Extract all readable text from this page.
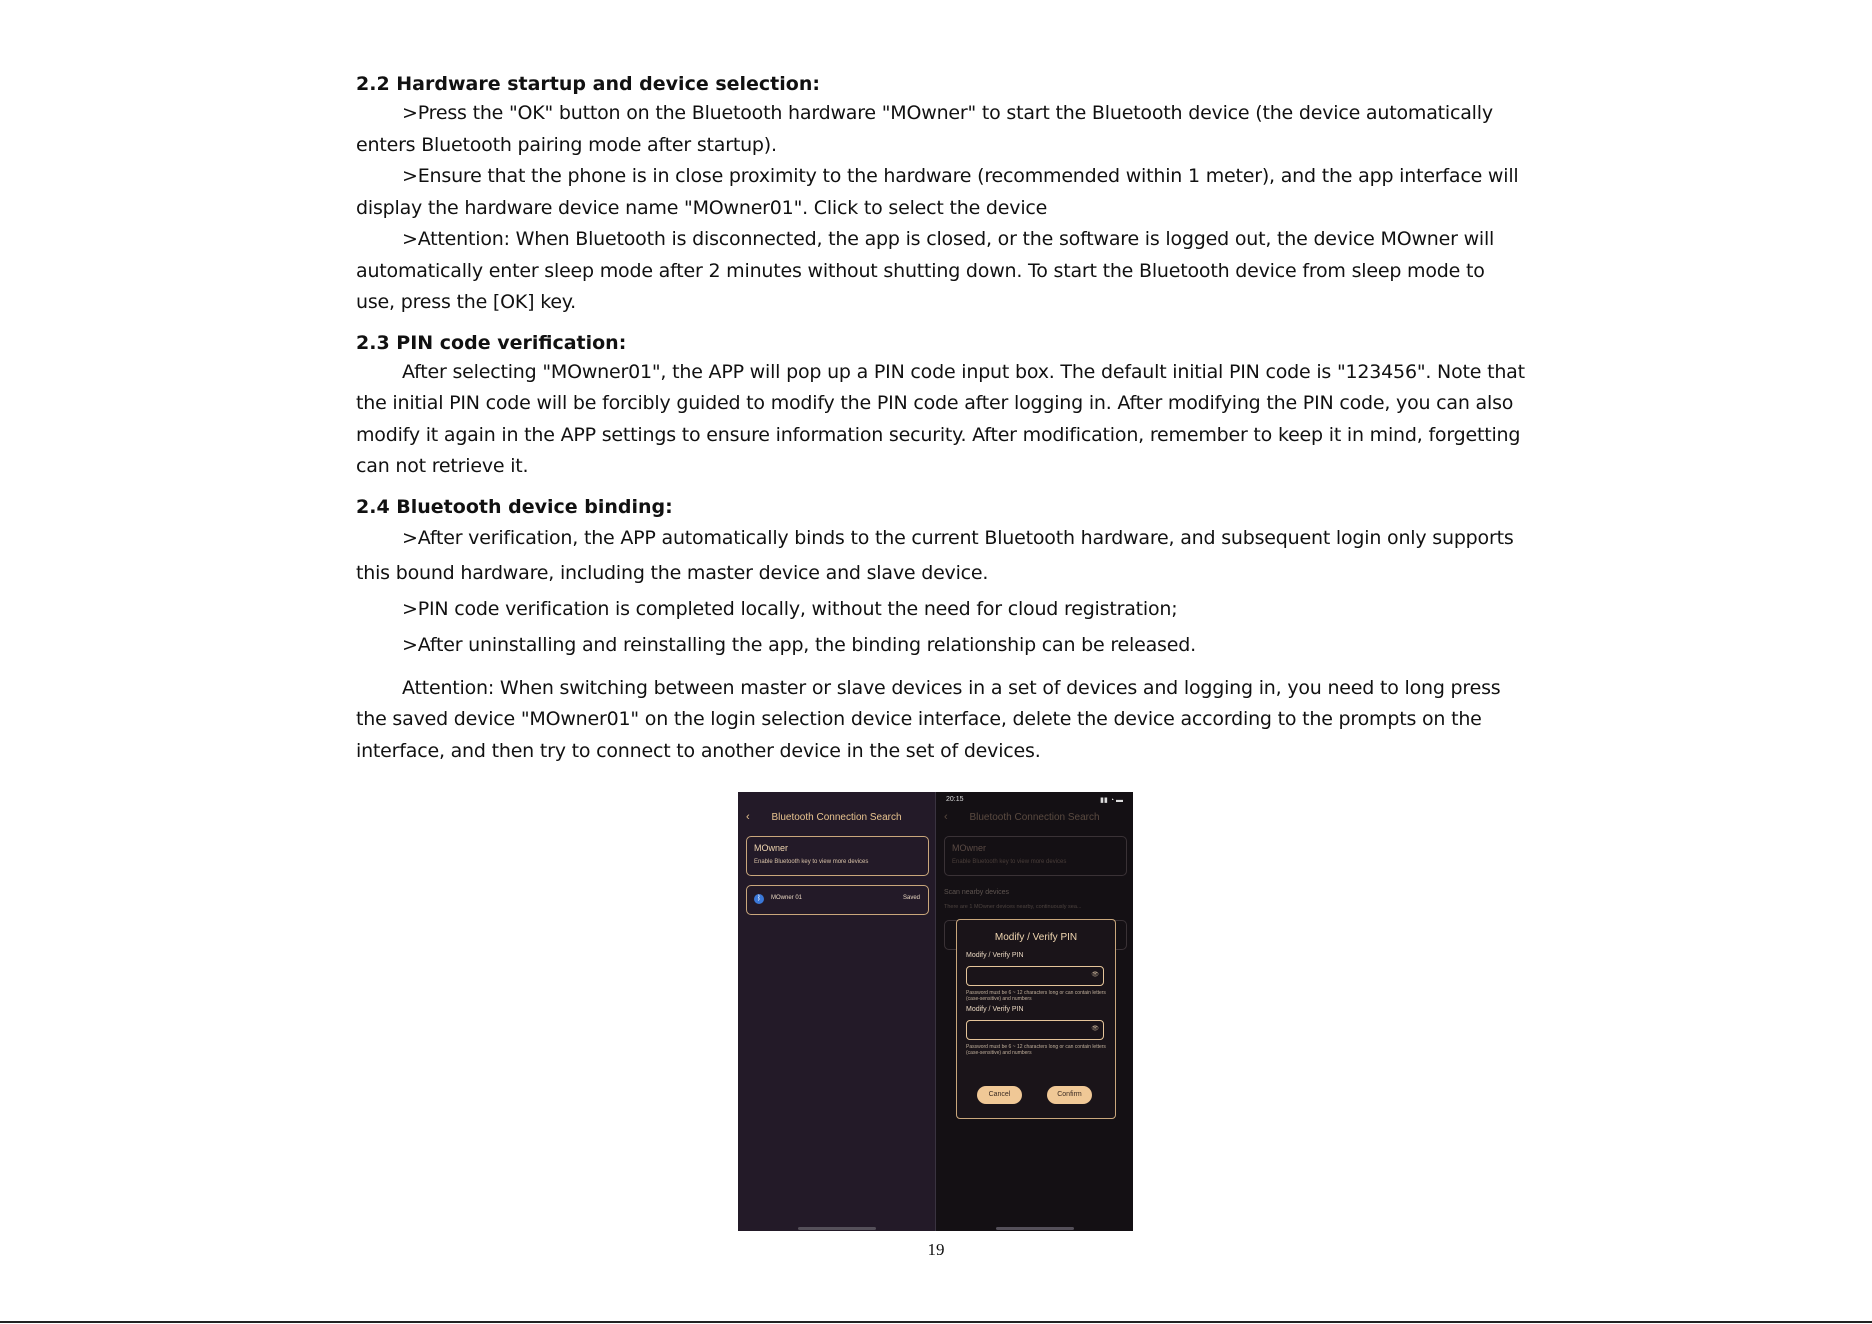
2.2 Hardware startup and device selection:

>Press the "OK" button on the Bluetooth hardware "MOwner" to start the Bluetooth device (the device automatically enters Bluetooth pairing mode after startup).

>Ensure that the phone is in close proximity to the hardware (recommended within 1 meter), and the app interface will display the hardware device name "MOwner01". Click to select the device

>Attention: When Bluetooth is disconnected, the app is closed, or the software is logged out, the device MOwner will automatically enter sleep mode after 2 minutes without shutting down. To start the Bluetooth device from sleep mode to use, press the [OK] key.

2.3 PIN code verification:

After selecting "MOwner01", the APP will pop up a PIN code input box. The default initial PIN code is "123456". Note that the initial PIN code will be forcibly guided to modify the PIN code after logging in. After modifying the PIN code, you can also modify it again in the APP settings to ensure information security. After modification, remember to keep it in mind, forgetting can not retrieve it.

2.4 Bluetooth device binding:

>After verification, the APP automatically binds to the current Bluetooth hardware, and subsequent login only supports this bound hardware, including the master device and slave device.

>PIN code verification is completed locally, without the need for cloud registration;

>After uninstalling and reinstalling the app, the binding relationship can be released.

Attention: When switching between master or slave devices in a set of devices and logging in, you need to long press the saved device "MOwner01" on the login selection device interface, delete the device according to the prompts on the interface, and then try to connect to another device in the set of devices.

‹	Bluetooth Connection Search
MOwner
Enable Bluetooth key to view more devices
ᛒ	MOwner 01	Saved
20:15	▮▮ ◔ ▬
‹	Bluetooth Connection Search
MOwner
Enable Bluetooth key to view more devices
Scan nearby devices
There are 1 MOwner devices nearby, continuously sea...
Modify / Verify PIN
Modify / Verify PIN
👁
Password must be 6 ~ 12 characters long or can contain letters (case-sensitive) and numbers
Modify / Verify PIN
👁
Password must be 6 ~ 12 characters long or can contain letters (case-sensitive) and numbers
Cancel	Confirm
19
